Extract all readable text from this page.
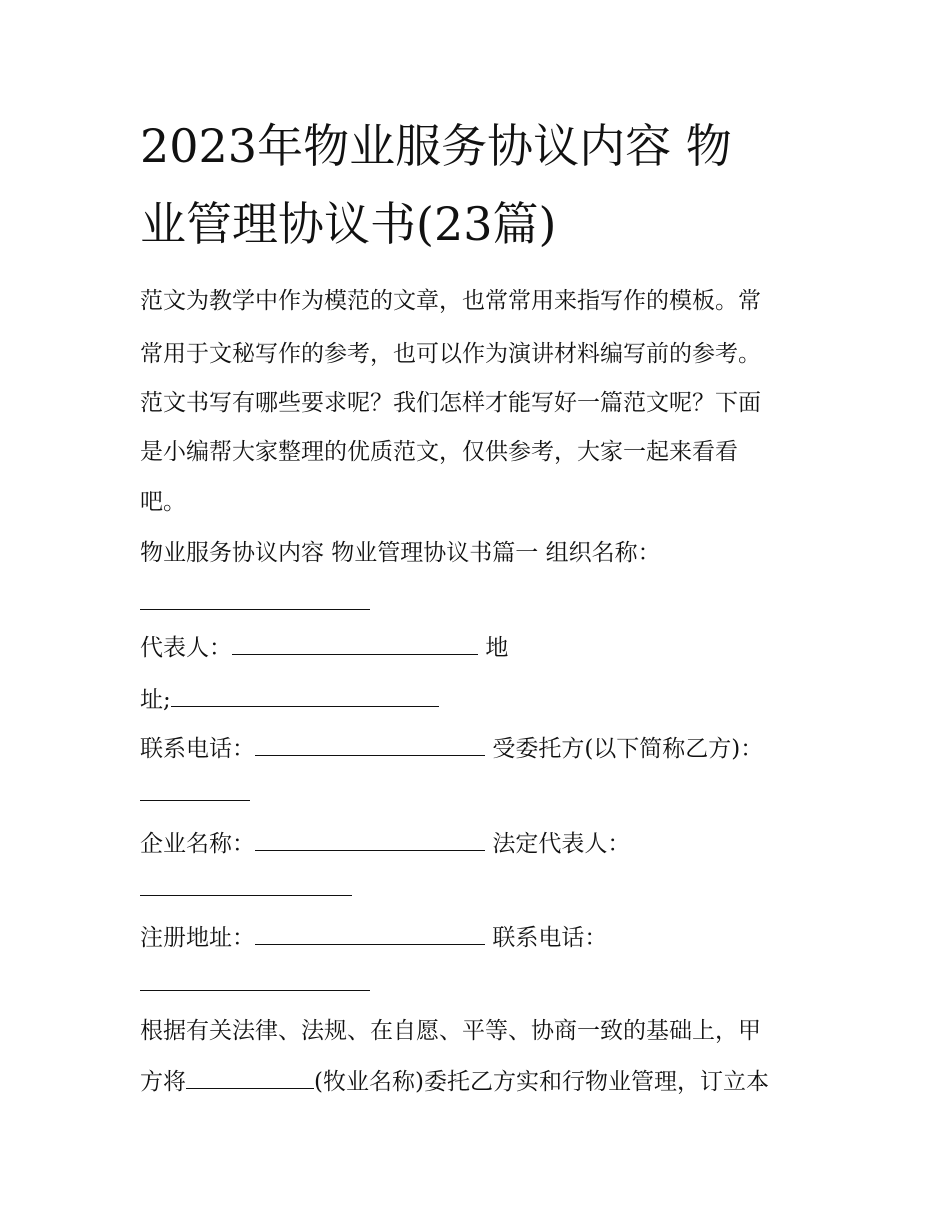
2023年物业服务协议内容 物
业管理协议书(23篇)
范文为教学中作为模范的文章，也常常用来指写作的模板。常
常用于文秘写作的参考，也可以作为演讲材料编写前的参考。
范文书写有哪些要求呢？我们怎样才能写好一篇范文呢？下面
是小编帮大家整理的优质范文，仅供参考，大家一起来看看
吧。
物业服务协议内容 物业管理协议书篇一 组织名称：
代表人：	地
址;
联系电话：	受委托方(以下简称乙方)：
企业名称：	法定代表人：
注册地址：	联系电话：
根据有关法律、法规、在自愿、平等、协商一致的基础上，甲
方将	(牧业名称)委托乙方实和行物业管理，订立本
